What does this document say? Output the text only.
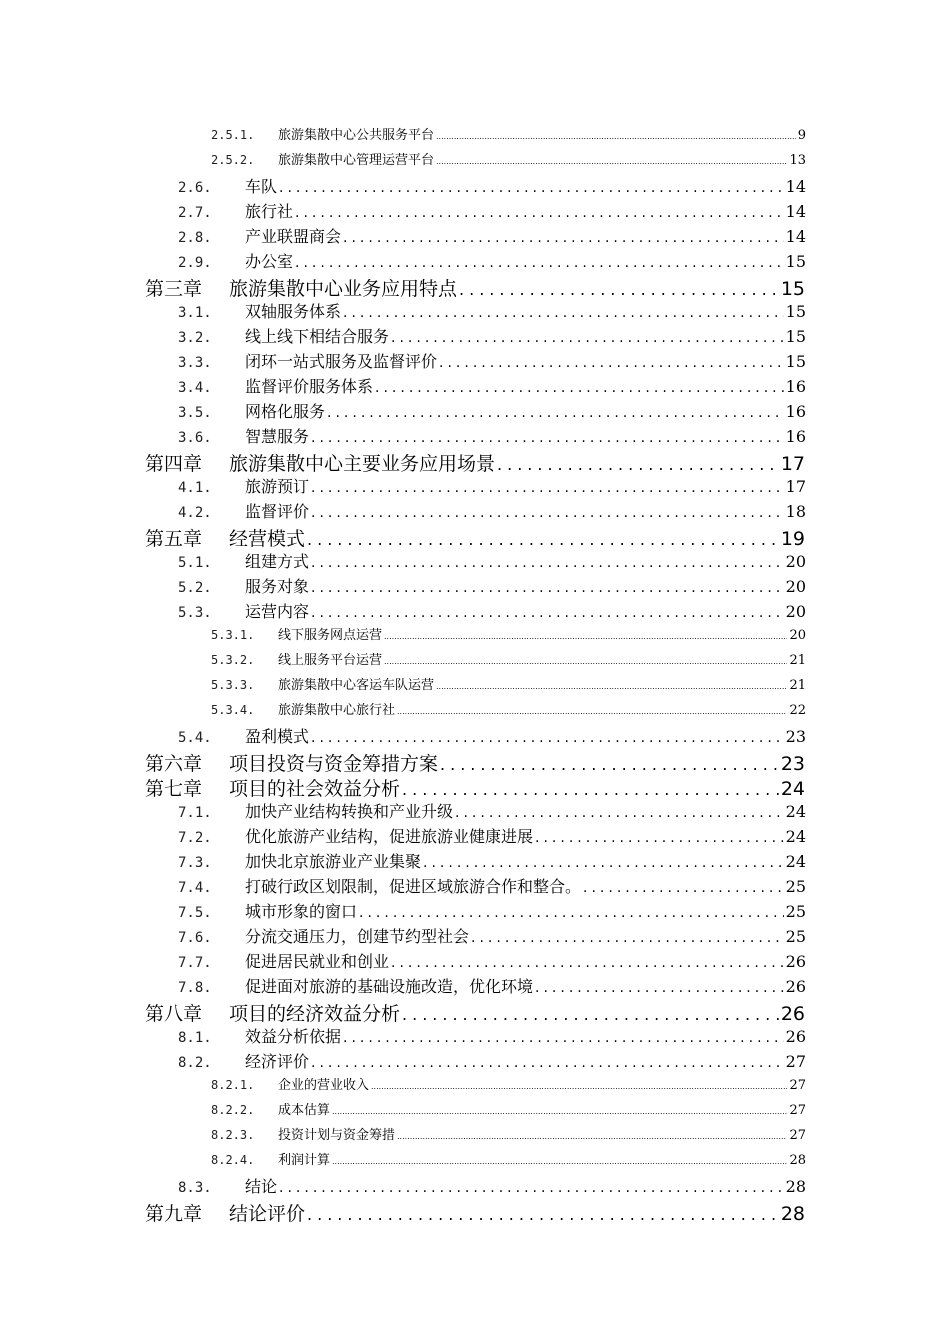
2.5.1.	旅游集散中心公共服务平台 .....	9
2.5.2.	旅游集散中心管理运营平台 .....	13
2.6.	车队 .....	14
2.7.	旅行社 .....	14
2.8.	产业联盟商会 .....	14
2.9.	办公室 .....	15
第三章	旅游集散中心业务应用特点 .....	15
3.1.	双轴服务体系 .....	15
3.2.	线上线下相结合服务 .....	15
3.3.	闭环一站式服务及监督评价 .....	15
3.4.	监督评价服务体系 .....	16
3.5.	网格化服务 .....	16
3.6.	智慧服务 .....	16
第四章	旅游集散中心主要业务应用场景 .....	17
4.1.	旅游预订 .....	17
4.2.	监督评价 .....	18
第五章	经营模式 .....	19
5.1.	组建方式 .....	20
5.2.	服务对象 .....	20
5.3.	运营内容 .....	20
5.3.1.	线下服务网点运营 .....	20
5.3.2.	线上服务平台运营 .....	21
5.3.3.	旅游集散中心客运车队运营 .....	21
5.3.4.	旅游集散中心旅行社 .....	22
5.4.	盈利模式 .....	23
第六章	项目投资与资金筹措方案 .....	23
第七章	项目的社会效益分析 .....	24
7.1.	加快产业结构转换和产业升级 .....	24
7.2.	优化旅游产业结构，促进旅游业健康进展 .....	24
7.3.	加快北京旅游业产业集聚 .....	24
7.4.	打破行政区划限制，促进区域旅游合作和整合。 .....	25
7.5.	城市形象的窗口 .....	25
7.6.	分流交通压力，创建节约型社会 .....	25
7.7.	促进居民就业和创业 .....	26
7.8.	促进面对旅游的基础设施改造，优化环境 .....	26
第八章	项目的经济效益分析 .....	26
8.1.	效益分析依据 .....	26
8.2.	经济评价 .....	27
8.2.1.	企业的营业收入 .....	27
8.2.2.	成本估算 .....	27
8.2.3.	投资计划与资金筹措 .....	27
8.2.4.	利润计算 .....	28
8.3.	结论 .....	28
第九章	结论评价 .....	28
